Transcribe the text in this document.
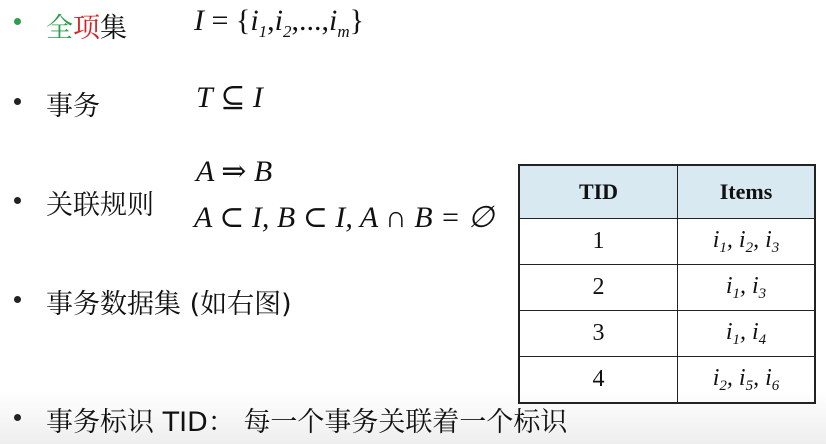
全项集 $I = \{i_1,i_2,...,i_m\}$
事务	T ⊆ I
关联规则
A ⇒ B
A ⊂ I, B ⊂ I, A ∩ B = ∅
事务数据集 (如右图)
事务标识 TID： 每一个事务关联着一个标识
TID	Items
1	$i_1$, $i_2$, $i_3$
2	$i_1$, $i_3$
3	$i_1$, $i_4$
4	$i_2$, $i_5$, $i_6$
